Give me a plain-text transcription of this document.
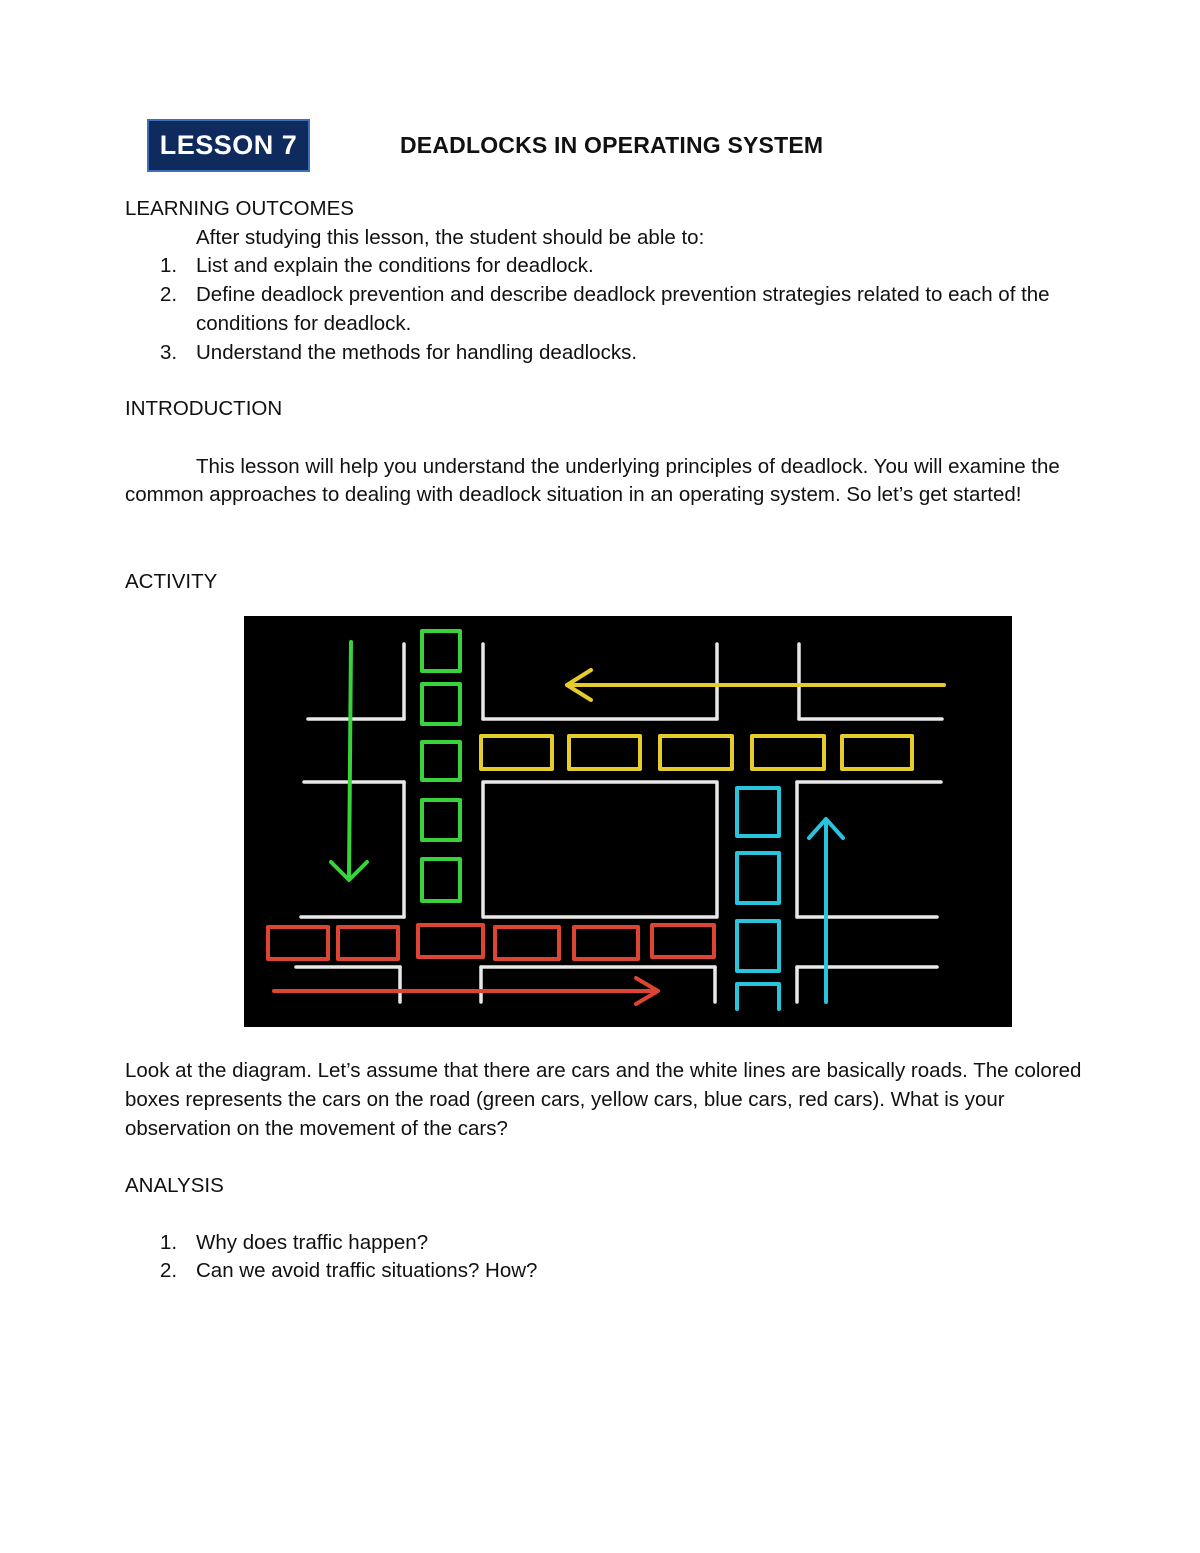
LESSON 7	DEADLOCKS IN OPERATING SYSTEM
LEARNING OUTCOMES
After studying this lesson, the student should be able to:
1. List and explain the conditions for deadlock.
2. Define deadlock prevention and describe deadlock prevention strategies related to each of the conditions for deadlock.
3. Understand the methods for handling deadlocks.
INTRODUCTION
This lesson will help you understand the underlying principles of deadlock. You will examine the common approaches to dealing with deadlock situation in an operating system. So let’s get started!
ACTIVITY
Look at the diagram. Let’s assume that there are cars and the white lines are basically roads. The colored boxes represents the cars on the road (green cars, yellow cars, blue cars, red cars). What is your observation on the movement of the cars?
ANALYSIS
1. Why does traffic happen?
2. Can we avoid traffic situations? How?
